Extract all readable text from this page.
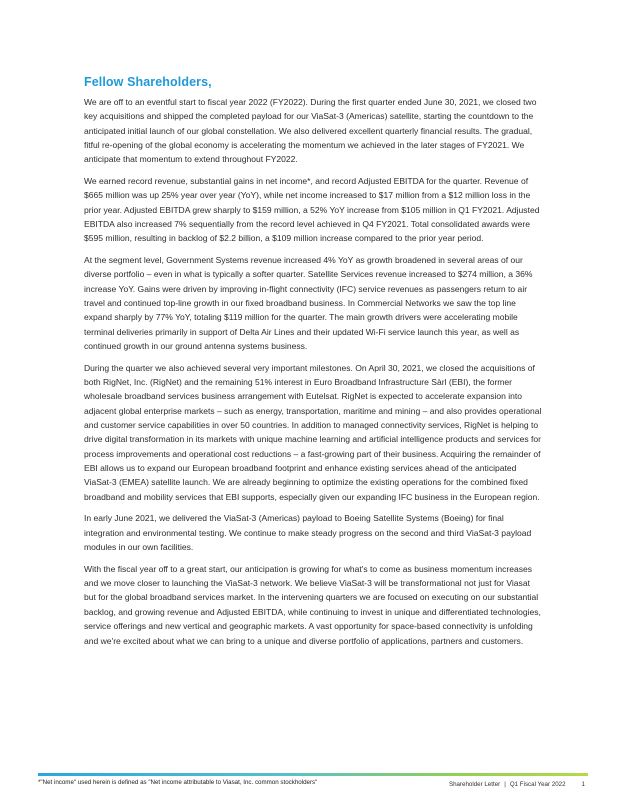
Fellow Shareholders,

We are off to an eventful start to fiscal year 2022 (FY2022). During the first quarter ended June 30, 2021, we closed two key acquisitions and shipped the completed payload for our ViaSat-3 (Americas) satellite, starting the countdown to the anticipated initial launch of our global constellation. We also delivered excellent quarterly financial results. The gradual, fitful re-opening of the global economy is accelerating the momentum we achieved in the later stages of FY2021. We anticipate that momentum to extend throughout FY2022.

We earned record revenue, substantial gains in net income*, and record Adjusted EBITDA for the quarter. Revenue of $665 million was up 25% year over year (YoY), while net income increased to $17 million from a $12 million loss in the prior year. Adjusted EBITDA grew sharply to $159 million, a 52% YoY increase from $105 million in Q1 FY2021. Adjusted EBITDA also increased 7% sequentially from the record level achieved in Q4 FY2021. Total consolidated awards were $595 million, resulting in backlog of $2.2 billion, a $109 million increase compared to the prior year period.

At the segment level, Government Systems revenue increased 4% YoY as growth broadened in several areas of our diverse portfolio – even in what is typically a softer quarter. Satellite Services revenue increased to $274 million, a 36% increase YoY. Gains were driven by improving in-flight connectivity (IFC) service revenues as passengers return to air travel and continued top-line growth in our fixed broadband business. In Commercial Networks we saw the top line expand sharply by 77% YoY, totaling $119 million for the quarter. The main growth drivers were accelerating mobile terminal deliveries primarily in support of Delta Air Lines and their updated Wi-Fi service launch this year, as well as continued growth in our ground antenna systems business.

During the quarter we also achieved several very important milestones. On April 30, 2021, we closed the acquisitions of both RigNet, Inc. (RigNet) and the remaining 51% interest in Euro Broadband Infrastructure Sàrl (EBI), the former wholesale broadband services business arrangement with Eutelsat. RigNet is expected to accelerate expansion into adjacent global enterprise markets – such as energy, transportation, maritime and mining – and also provides operational and customer service capabilities in over 50 countries. In addition to managed connectivity services, RigNet is helping to drive digital transformation in its markets with unique machine learning and artificial intelligence products and services for process improvements and operational cost reductions – a fast-growing part of their business. Acquiring the remainder of EBI allows us to expand our European broadband footprint and enhance existing services ahead of the anticipated ViaSat-3 (EMEA) satellite launch. We are already beginning to optimize the existing operations for the combined fixed broadband and mobility services that EBI supports, especially given our expanding IFC business in the European region.

In early June 2021, we delivered the ViaSat-3 (Americas) payload to Boeing Satellite Systems (Boeing) for final integration and environmental testing. We continue to make steady progress on the second and third ViaSat-3 payload modules in our own facilities.

With the fiscal year off to a great start, our anticipation is growing for what's to come as business momentum increases and we move closer to launching the ViaSat-3 network. We believe ViaSat-3 will be transformational not just for Viasat but for the global broadband services market. In the intervening quarters we are focused on executing on our substantial backlog, and growing revenue and Adjusted EBITDA, while continuing to invest in unique and differentiated technologies, service offerings and new vertical and geographic markets. A vast opportunity for space-based connectivity is unfolding and we're excited about what we can bring to a unique and diverse portfolio of applications, partners and customers.

*"Net income" used herein is defined as "Net income attributable to Viasat, Inc. common stockholders"	Shareholder Letter | Q1 Fiscal Year 2022	1
